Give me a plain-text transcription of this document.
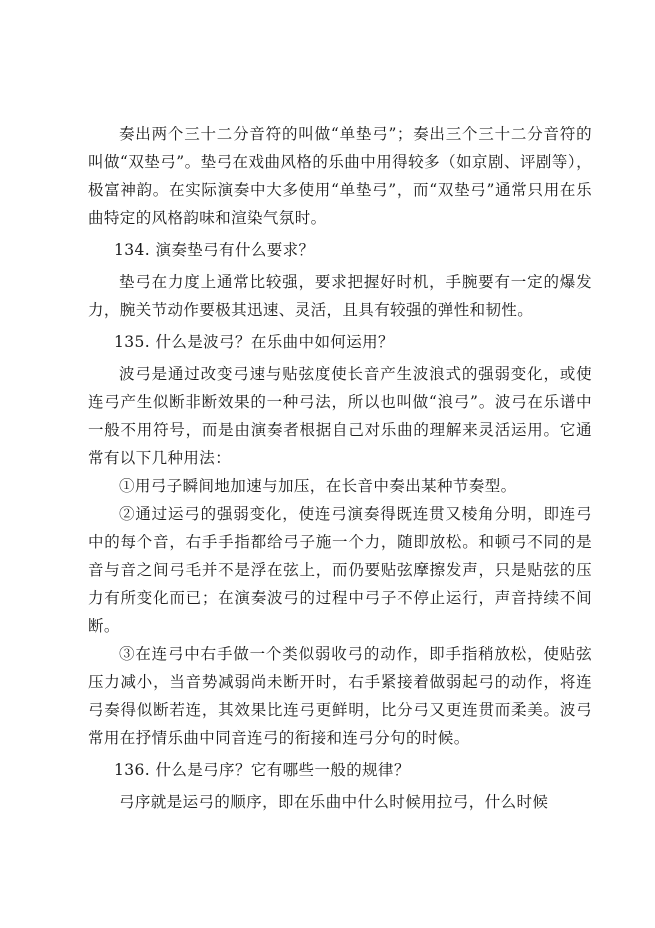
奏出两个三十二分音符的叫做“单垫弓”；奏出三个三十二分音符的叫做“双垫弓”。垫弓在戏曲风格的乐曲中用得较多（如京剧、评剧等），极富神韵。在实际演奏中大多使用“单垫弓”，而“双垫弓”通常只用在乐曲特定的风格韵味和渲染气氛时。

134. 演奏垫弓有什么要求？

垫弓在力度上通常比较强，要求把握好时机，手腕要有一定的爆发力，腕关节动作要极其迅速、灵活，且具有较强的弹性和韧性。

135. 什么是波弓？在乐曲中如何运用？

波弓是通过改变弓速与贴弦度使长音产生波浪式的强弱变化，或使连弓产生似断非断效果的一种弓法，所以也叫做“浪弓”。波弓在乐谱中一般不用符号，而是由演奏者根据自己对乐曲的理解来灵活运用。它通常有以下几种用法：

①用弓子瞬间地加速与加压，在长音中奏出某种节奏型。

②通过运弓的强弱变化，使连弓演奏得既连贯又棱角分明，即连弓中的每个音，右手手指都给弓子施一个力，随即放松。和顿弓不同的是音与音之间弓毛并不是浮在弦上，而仍要贴弦摩擦发声，只是贴弦的压力有所变化而已；在演奏波弓的过程中弓子不停止运行，声音持续不间断。

③在连弓中右手做一个类似弱收弓的动作，即手指稍放松，使贴弦压力减小，当音势减弱尚未断开时，右手紧接着做弱起弓的动作，将连弓奏得似断若连，其效果比连弓更鲜明，比分弓又更连贯而柔美。波弓常用在抒情乐曲中同音连弓的衔接和连弓分句的时候。

136. 什么是弓序？它有哪些一般的规律？

弓序就是运弓的顺序，即在乐曲中什么时候用拉弓，什么时候
